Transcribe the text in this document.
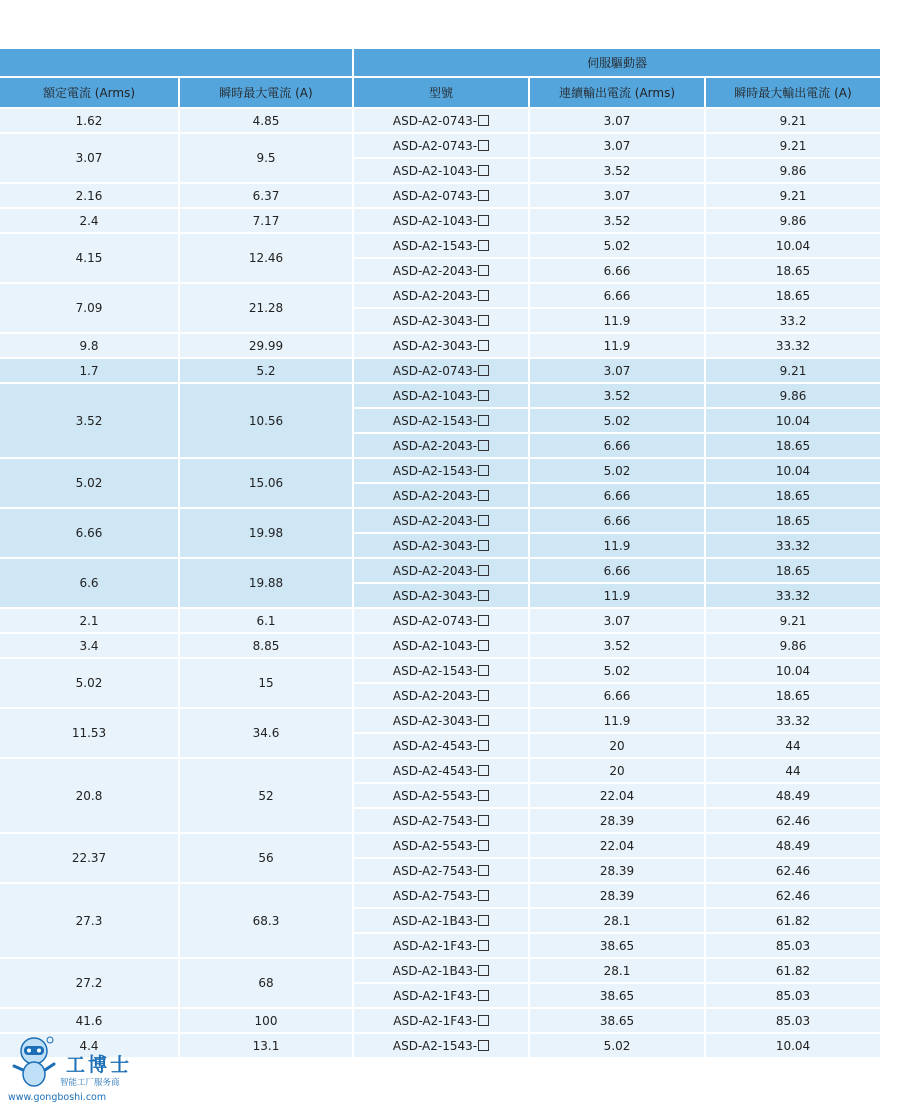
		伺服驅動器		
額定電流 (Arms)	瞬時最大電流 (A)	型號	連續輸出電流 (Arms)	瞬時最大輸出電流 (A)
1.62	4.85	ASD-A2-0743-	3.07	9.21
3.07	9.5	ASD-A2-0743-	3.07	9.21
		ASD-A2-1043-	3.52	9.86
2.16	6.37	ASD-A2-0743-	3.07	9.21
2.4	7.17	ASD-A2-1043-	3.52	9.86
4.15	12.46	ASD-A2-1543-	5.02	10.04
		ASD-A2-2043-	6.66	18.65
7.09	21.28	ASD-A2-2043-	6.66	18.65
		ASD-A2-3043-	11.9	33.2
9.8	29.99	ASD-A2-3043-	11.9	33.32
1.7	5.2	ASD-A2-0743-	3.07	9.21
3.52	10.56	ASD-A2-1043-	3.52	9.86
		ASD-A2-1543-	5.02	10.04
		ASD-A2-2043-	6.66	18.65
5.02	15.06	ASD-A2-1543-	5.02	10.04
		ASD-A2-2043-	6.66	18.65
6.66	19.98	ASD-A2-2043-	6.66	18.65
		ASD-A2-3043-	11.9	33.32
6.6	19.88	ASD-A2-2043-	6.66	18.65
		ASD-A2-3043-	11.9	33.32
2.1	6.1	ASD-A2-0743-	3.07	9.21
3.4	8.85	ASD-A2-1043-	3.52	9.86
5.02	15	ASD-A2-1543-	5.02	10.04
		ASD-A2-2043-	6.66	18.65
11.53	34.6	ASD-A2-3043-	11.9	33.32
		ASD-A2-4543-	20	44
20.8	52	ASD-A2-4543-	20	44
		ASD-A2-5543-	22.04	48.49
		ASD-A2-7543-	28.39	62.46
22.37	56	ASD-A2-5543-	22.04	48.49
		ASD-A2-7543-	28.39	62.46
27.3	68.3	ASD-A2-7543-	28.39	62.46
		ASD-A2-1B43-	28.1	61.82
		ASD-A2-1F43-	38.65	85.03
27.2	68	ASD-A2-1B43-	28.1	61.82
		ASD-A2-1F43-	38.65	85.03
41.6	100	ASD-A2-1F43-	38.65	85.03
4.4	13.1	ASD-A2-1543-	5.02	10.04
工博士
智能工厂服务商
www.gongboshi.com
